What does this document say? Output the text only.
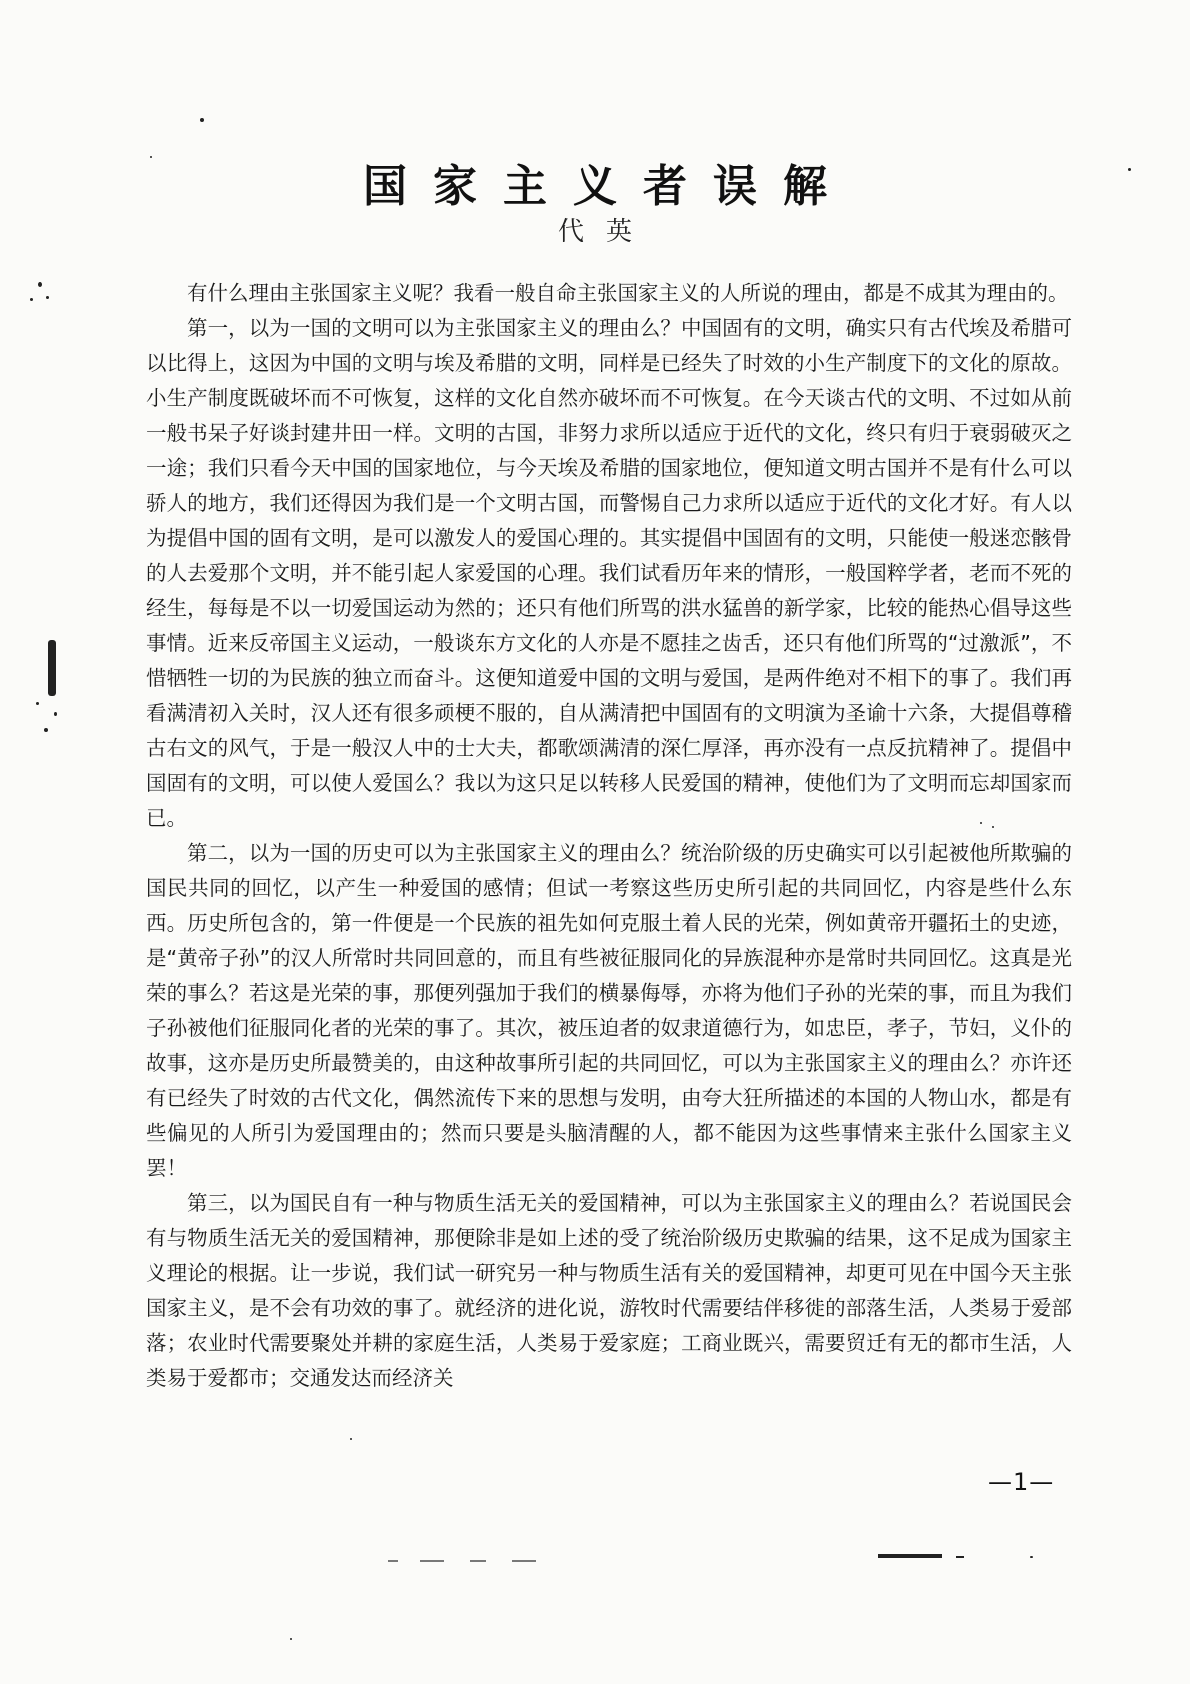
国家主义者误解
代英

有什么理由主张国家主义呢？我看一般自命主张国家主义的人所说的理由，都是不成其为理由的。

第一，以为一国的文明可以为主张国家主义的理由么？中国固有的文明，确实只有古代埃及希腊可以比得上，这因为中国的文明与埃及希腊的文明，同样是已经失了时效的小生产制度下的文化的原故。小生产制度既破坏而不可恢复，这样的文化自然亦破坏而不可恢复。在今天谈古代的文明、不过如从前一般书呆子好谈封建井田一样。文明的古国，非努力求所以适应于近代的文化，终只有归于衰弱破灭之一途；我们只看今天中国的国家地位，与今天埃及希腊的国家地位，便知道文明古国并不是有什么可以骄人的地方，我们还得因为我们是一个文明古国，而警惕自己力求所以适应于近代的文化才好。有人以为提倡中国的固有文明，是可以激发人的爱国心理的。其实提倡中国固有的文明，只能使一般迷恋骸骨的人去爱那个文明，并不能引起人家爱国的心理。我们试看历年来的情形，一般国粹学者，老而不死的经生，每每是不以一切爱国运动为然的；还只有他们所骂的洪水猛兽的新学家，比较的能热心倡导这些事情。近来反帝国主义运动，一般谈东方文化的人亦是不愿挂之齿舌，还只有他们所骂的“过激派”，不惜牺牲一切的为民族的独立而奋斗。这便知道爱中国的文明与爱国，是两件绝对不相下的事了。我们再看满清初入关时，汉人还有很多顽梗不服的，自从满清把中国固有的文明演为圣谕十六条，大提倡尊稽古右文的风气，于是一般汉人中的士大夫，都歌颂满清的深仁厚泽，再亦没有一点反抗精神了。提倡中国固有的文明，可以使人爱国么？我以为这只足以转移人民爱国的精神，使他们为了文明而忘却国家而已。

第二，以为一国的历史可以为主张国家主义的理由么？统治阶级的历史确实可以引起被他所欺骗的国民共同的回忆，以产生一种爱国的感情；但试一考察这些历史所引起的共同回忆，内容是些什么东西。历史所包含的，第一件便是一个民族的祖先如何克服土着人民的光荣，例如黄帝开疆拓土的史迹，是“黄帝子孙”的汉人所常时共同回意的，而且有些被征服同化的异族混种亦是常时共同回忆。这真是光荣的事么？若这是光荣的事，那便列强加于我们的横暴侮辱，亦将为他们子孙的光荣的事，而且为我们子孙被他们征服同化者的光荣的事了。其次，被压迫者的奴隶道德行为，如忠臣，孝子，节妇，义仆的故事，这亦是历史所最赞美的，由这种故事所引起的共同回忆，可以为主张国家主义的理由么？亦许还有已经失了时效的古代文化，偶然流传下来的思想与发明，由夸大狂所描述的本国的人物山水，都是有些偏见的人所引为爱国理由的；然而只要是头脑清醒的人，都不能因为这些事情来主张什么国家主义罢！

第三，以为国民自有一种与物质生活无关的爱国精神，可以为主张国家主义的理由么？若说国民会有与物质生活无关的爱国精神，那便除非是如上述的受了统治阶级历史欺骗的结果，这不足成为国家主义理论的根据。让一步说，我们试一研究另一种与物质生活有关的爱国精神，却更可见在中国今天主张国家主义，是不会有功效的事了。就经济的进化说，游牧时代需要结伴移徙的部落生活，人类易于爱部落；农业时代需要聚处并耕的家庭生活，人类易于爱家庭；工商业既兴，需要贸迁有无的都市生活，人类易于爱都市；交通发达而经济关

—1—
